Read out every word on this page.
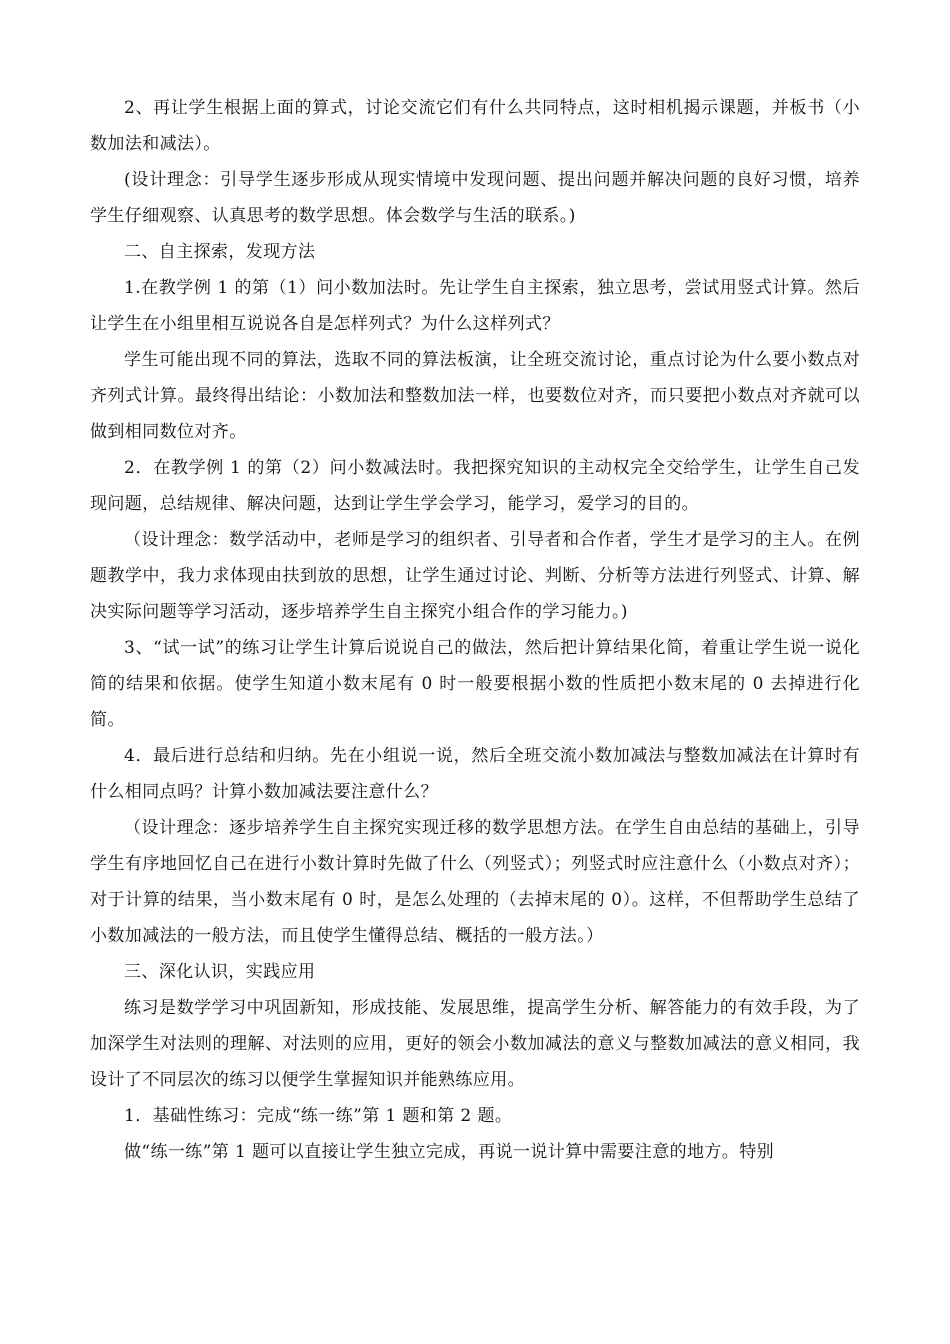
2、再让学生根据上面的算式，讨论交流它们有什么共同特点，这时相机揭示课题，并板书（小数加法和减法）。

(设计理念：引导学生逐步形成从现实情境中发现问题、提出问题并解决问题的良好习惯，培养学生仔细观察、认真思考的数学思想。体会数学与生活的联系。)

二、自主探索，发现方法

1.在教学例 1 的第（1）问小数加法时。先让学生自主探索，独立思考，尝试用竖式计算。然后让学生在小组里相互说说各自是怎样列式？为什么这样列式？

学生可能出现不同的算法，选取不同的算法板演，让全班交流讨论，重点讨论为什么要小数点对齐列式计算。最终得出结论：小数加法和整数加法一样，也要数位对齐，而只要把小数点对齐就可以做到相同数位对齐。

2．在教学例 1 的第（2）问小数减法时。我把探究知识的主动权完全交给学生，让学生自己发现问题，总结规律、解决问题，达到让学生学会学习，能学习，爱学习的目的。

（设计理念：数学活动中，老师是学习的组织者、引导者和合作者，学生才是学习的主人。在例题教学中，我力求体现由扶到放的思想，让学生通过讨论、判断、分析等方法进行列竖式、计算、解决实际问题等学习活动，逐步培养学生自主探究小组合作的学习能力。)

3、“试一试”的练习让学生计算后说说自己的做法，然后把计算结果化简，着重让学生说一说化简的结果和依据。使学生知道小数末尾有 0 时一般要根据小数的性质把小数末尾的 0 去掉进行化简。

4．最后进行总结和归纳。先在小组说一说，然后全班交流小数加减法与整数加减法在计算时有什么相同点吗？计算小数加减法要注意什么？

（设计理念：逐步培养学生自主探究实现迁移的数学思想方法。在学生自由总结的基础上，引导学生有序地回忆自己在进行小数计算时先做了什么（列竖式）；列竖式时应注意什么（小数点对齐）；对于计算的结果，当小数末尾有 0 时，是怎么处理的（去掉末尾的 0）。这样，不但帮助学生总结了小数加减法的一般方法，而且使学生懂得总结、概括的一般方法。）

三、深化认识，实践应用

练习是数学学习中巩固新知，形成技能、发展思维，提高学生分析、解答能力的有效手段，为了加深学生对法则的理解、对法则的应用，更好的领会小数加减法的意义与整数加减法的意义相同，我设计了不同层次的练习以便学生掌握知识并能熟练应用。

1．基础性练习：完成“练一练”第 1 题和第 2 题。

做“练一练”第 1 题可以直接让学生独立完成，再说一说计算中需要注意的地方。特别
